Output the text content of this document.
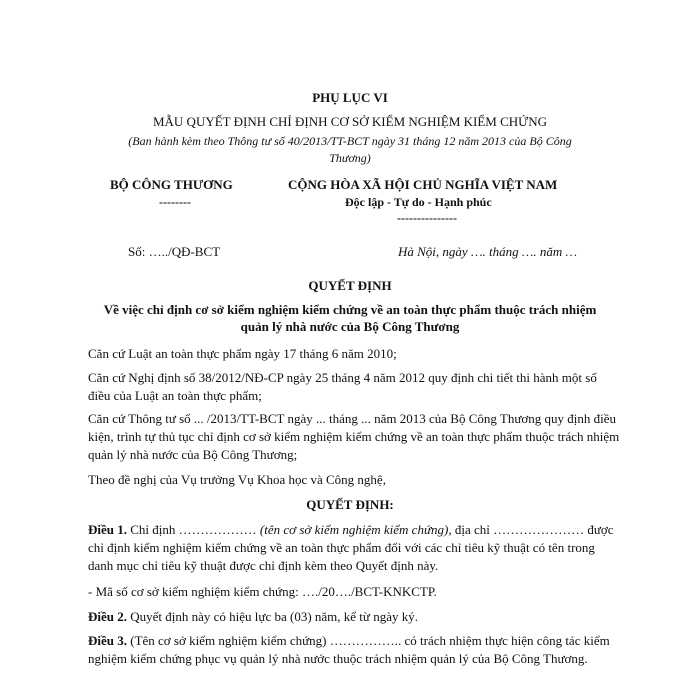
PHỤ LỤC VI
MẪU QUYẾT ĐỊNH CHỈ ĐỊNH CƠ SỞ KIỂM NGHIỆM KIỂM CHỨNG
(Ban hành kèm theo Thông tư số 40/2013/TT-BCT ngày 31 tháng 12 năm 2013 của Bộ Công
Thương)
BỘ CÔNG THƯƠNG
--------
CỘNG HÒA XÃ HỘI CHỦ NGHĨA VIỆT NAM
Độc lập - Tự do - Hạnh phúc
---------------
Số: …../QĐ-BCT	Hà Nội, ngày …. tháng …. năm …
QUYẾT ĐỊNH
Về việc chỉ định cơ sở kiểm nghiệm kiểm chứng về an toàn thực phẩm thuộc trách nhiệm
quản lý nhà nước của Bộ Công Thương
Căn cứ Luật an toàn thực phẩm ngày 17 tháng 6 năm 2010;
Căn cứ Nghị định số 38/2012/NĐ-CP ngày 25 tháng 4 năm 2012 quy định chi tiết thi hành một số điều của Luật an toàn thực phẩm;
Căn cứ Thông tư số ... /2013/TT-BCT ngày ... tháng ... năm 2013 của Bộ Công Thương quy định điều kiện, trình tự thủ tục chỉ định cơ sở kiểm nghiệm kiểm chứng về an toàn thực phẩm thuộc trách nhiệm quản lý nhà nước của Bộ Công Thương;
Theo đề nghị của Vụ trưởng Vụ Khoa học và Công nghệ,
QUYẾT ĐỊNH:
Điều 1. Chỉ định ……………… (tên cơ sở kiểm nghiệm kiểm chứng), địa chỉ ………………… được chỉ định kiểm nghiệm kiểm chứng về an toàn thực phẩm đối với các chỉ tiêu kỹ thuật có tên trong danh mục chỉ tiêu kỹ thuật được chỉ định kèm theo Quyết định này.
- Mã số cơ sở kiểm nghiệm kiểm chứng: …./20…./BCT-KNKCTP.
Điều 2. Quyết định này có hiệu lực ba (03) năm, kể từ ngày ký.
Điều 3. (Tên cơ sở kiểm nghiệm kiểm chứng) …………….. có trách nhiệm thực hiện công tác kiểm nghiệm kiểm chứng phục vụ quản lý nhà nước thuộc trách nhiệm quản lý của Bộ Công Thương.
